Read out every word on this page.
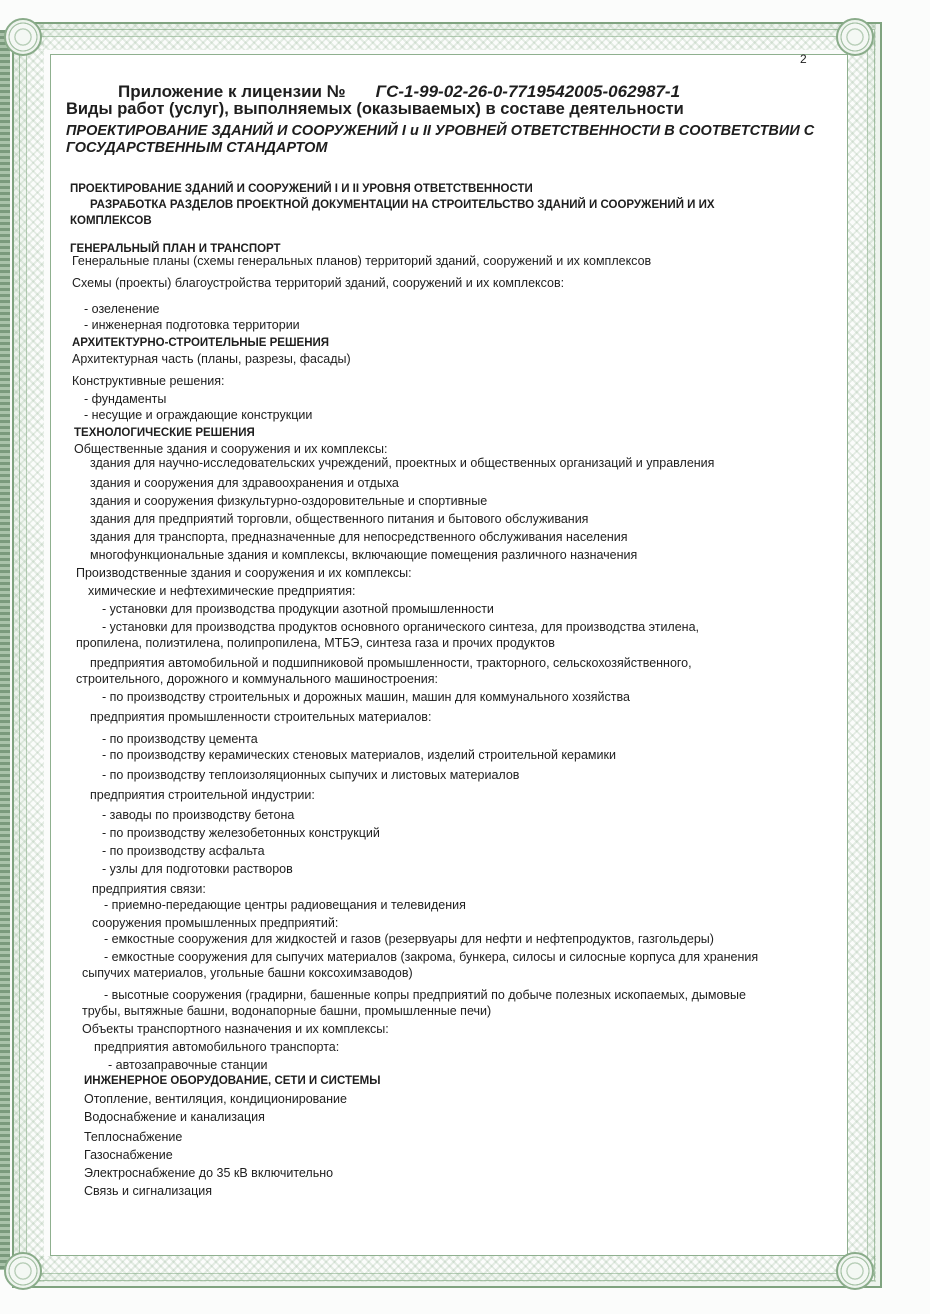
2
Приложение к лицензии № ГС-1-99-02-26-0-7719542005-062987-1
Виды работ (услуг), выполняемых (оказываемых) в составе деятельности
ПРОЕКТИРОВАНИЕ ЗДАНИЙ И СООРУЖЕНИЙ I и II УРОВНЕЙ ОТВЕТСТВЕННОСТИ В СООТВЕТСТВИИ С ГОСУДАРСТВЕННЫМ СТАНДАРТОМ
ПРОЕКТИРОВАНИЕ ЗДАНИЙ И СООРУЖЕНИЙ I И II УРОВНЯ ОТВЕТСТВЕННОСТИ
РАЗРАБОТКА РАЗДЕЛОВ ПРОЕКТНОЙ ДОКУМЕНТАЦИИ НА СТРОИТЕЛЬСТВО ЗДАНИЙ И СООРУЖЕНИЙ И ИХ
КОМПЛЕКСОВ
ГЕНЕРАЛЬНЫЙ ПЛАН И ТРАНСПОРТ
Генеральные планы (схемы генеральных планов) территорий зданий, сооружений и их комплексов
Схемы (проекты) благоустройства территорий зданий, сооружений и их комплексов:
- озеленение
- инженерная подготовка территории
АРХИТЕКТУРНО-СТРОИТЕЛЬНЫЕ РЕШЕНИЯ
Архитектурная часть (планы, разрезы, фасады)
Конструктивные решения:
- фундаменты
- несущие и ограждающие конструкции
ТЕХНОЛОГИЧЕСКИЕ РЕШЕНИЯ
Общественные здания и сооружения и их комплексы:
здания для научно-исследовательских учреждений, проектных и общественных организаций и управления
здания и сооружения для здравоохранения и отдыха
здания и сооружения физкультурно-оздоровительные и спортивные
здания для предприятий торговли, общественного питания и бытового обслуживания
здания для транспорта, предназначенные для непосредственного обслуживания населения
многофункциональные здания и комплексы, включающие помещения различного назначения
Производственные здания и сооружения и их комплексы:
химические и нефтехимические предприятия:
- установки для производства продукции азотной промышленности
- установки для производства продуктов основного органического синтеза, для производства этилена,
пропилена, полиэтилена, полипропилена, МТБЭ, синтеза газа и прочих продуктов
предприятия автомобильной и подшипниковой промышленности, тракторного, сельскохозяйственного,
строительного, дорожного и коммунального машиностроения:
- по производству строительных и дорожных машин, машин для коммунального хозяйства
предприятия промышленности строительных материалов:
- по производству цемента
- по производству керамических стеновых материалов, изделий строительной керамики
- по производству теплоизоляционных сыпучих и листовых материалов
предприятия строительной индустрии:
- заводы по производству бетона
- по производству железобетонных конструкций
- по производству асфальта
- узлы для подготовки растворов
предприятия связи:
- приемно-передающие центры радиовещания и телевидения
сооружения промышленных предприятий:
- емкостные сооружения для жидкостей и газов (резервуары для нефти и нефтепродуктов, газгольдеры)
- емкостные сооружения для сыпучих материалов (закрома, бункера, силосы и силосные корпуса для хранения
сыпучих материалов, угольные башни коксохимзаводов)
- высотные сооружения (градирни, башенные копры предприятий по добыче полезных ископаемых, дымовые
трубы, вытяжные башни, водонапорные башни, промышленные печи)
Объекты транспортного назначения и их комплексы:
предприятия автомобильного транспорта:
- автозаправочные станции
ИНЖЕНЕРНОЕ ОБОРУДОВАНИЕ, СЕТИ И СИСТЕМЫ
Отопление, вентиляция, кондиционирование
Водоснабжение и канализация
Теплоснабжение
Газоснабжение
Электроснабжение до 35 кВ включительно
Связь и сигнализация
